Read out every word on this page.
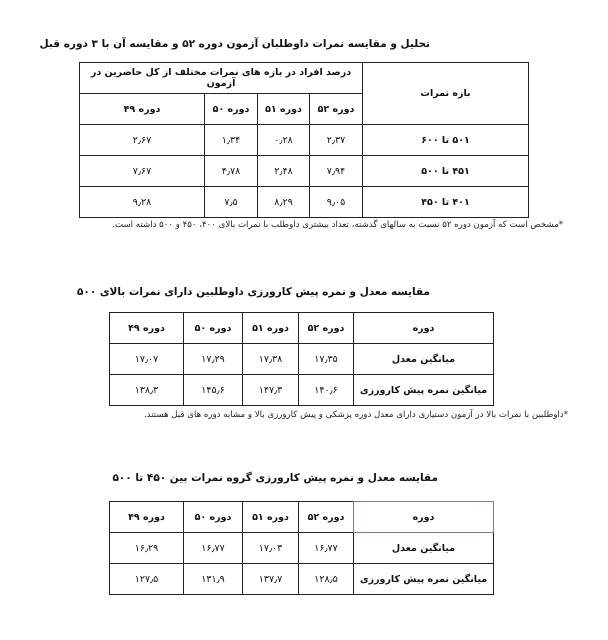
تحلیل و مقایسه نمرات داوطلبان آزمون دوره ۵۲ و مقایسه آن با ۳ دوره قبل
بازه نمرات	درصد افراد در بازه های نمرات مختلف از کل حاضرین در آزمون			
	دوره ۵۲	دوره ۵۱	دوره ۵۰	دوره ۴۹
۵۰۱ تا ۶۰۰	۲٫۳۷	۰٫۲۸	۱٫۳۴	۲٫۶۷
۴۵۱ تا ۵۰۰	۷٫۹۴	۲٫۴۸	۴٫۷۸	۷٫۶۷
۴۰۱ تا ۴۵۰	۹٫۰۵	۸٫۲۹	۷٫۵	۹٫۲۸
*مشخص است که آزمون دوره ۵۲ نسبت به سالهای گذشته، تعداد بیشتری داوطلب با نمرات بالای ۴۰۰، ۴۵۰ و ۵۰۰ داشته است.
مقایسه معدل و نمره پیش کارورزی داوطلبین دارای نمرات بالای ۵۰۰
دوره	دوره ۵۲	دوره ۵۱	دوره ۵۰	دوره ۴۹
میانگین معدل	۱۷٫۳۵	۱۷٫۳۸	۱۷٫۲۹	۱۷٫۰۷
میانگین نمره پیش کارورزی	۱۴۰٫۶	۱۴۷٫۳	۱۴۵٫۶	۱۳۸٫۳
*داوطلبین با نمرات بالا در آزمون دستیاری دارای معدل دوره پزشکی و پیش کارورزی بالا و مشابه دوره های قبل هستند.
مقایسه معدل و نمره پیش کارورزی گروه نمرات بین ۴۵۰ تا ۵۰۰
دوره	دوره ۵۲	دوره ۵۱	دوره ۵۰	دوره ۴۹
میانگین معدل	۱۶٫۷۷	۱۷٫۰۳	۱۶٫۷۷	۱۶٫۲۹
میانگین نمره پیش کارورزی	۱۲۸٫۵	۱۳۷٫۷	۱۳۱٫۹	۱۲۷٫۵
